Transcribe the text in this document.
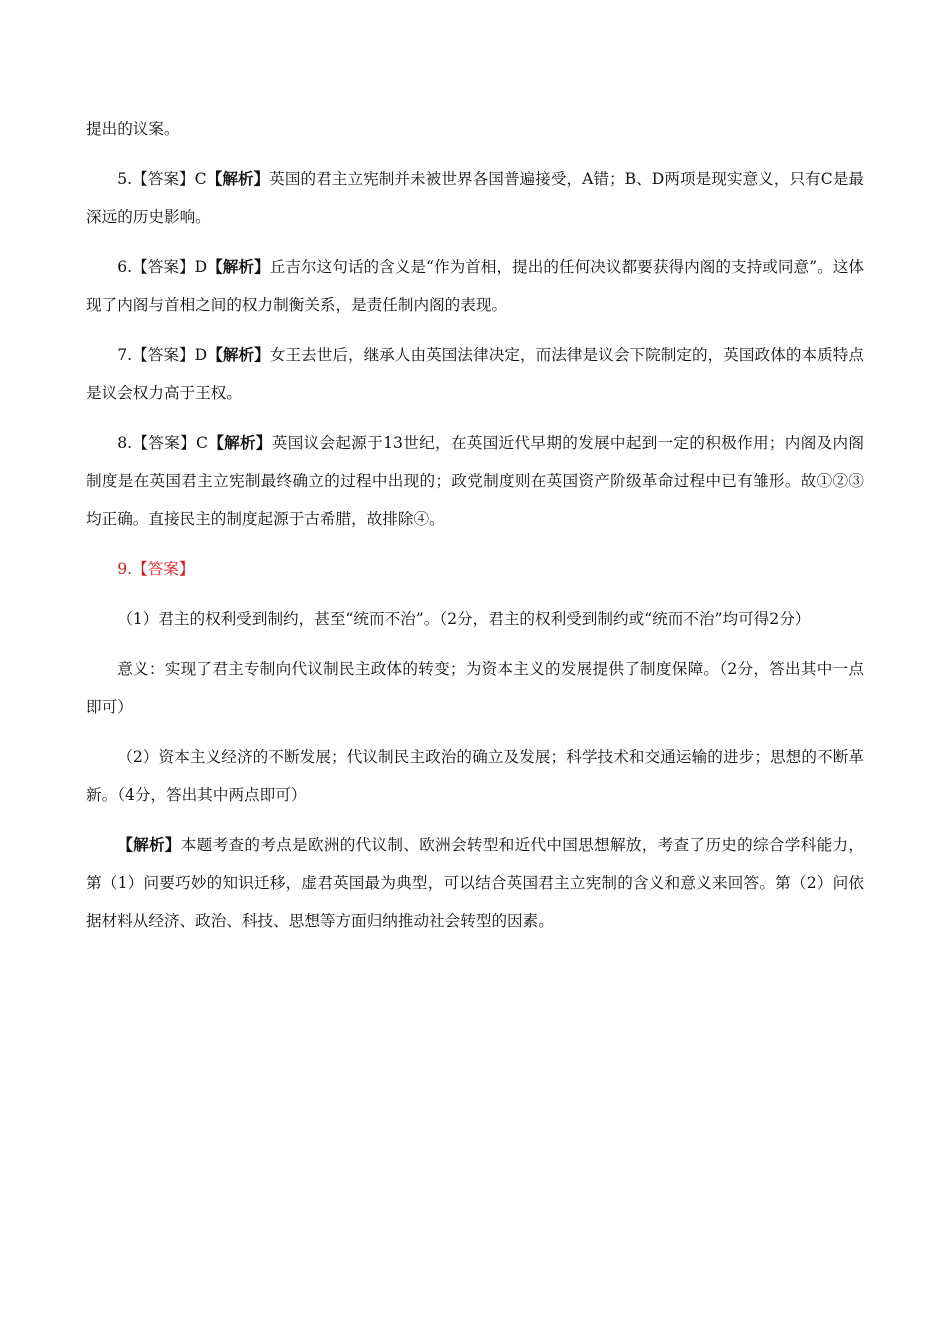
提出的议案。

5.【答案】C【解析】英国的君主立宪制并未被世界各国普遍接受，A错；B、D两项是现实意义，只有C是最深远的历史影响。

6.【答案】D【解析】丘吉尔这句话的含义是“作为首相，提出的任何决议都要获得内阁的支持或同意”。这体现了内阁与首相之间的权力制衡关系，是责任制内阁的表现。

7.【答案】D【解析】女王去世后，继承人由英国法律决定，而法律是议会下院制定的，英国政体的本质特点是议会权力高于王权。

8.【答案】C【解析】英国议会起源于13世纪，在英国近代早期的发展中起到一定的积极作用；内阁及内阁制度是在英国君主立宪制最终确立的过程中出现的；政党制度则在英国资产阶级革命过程中已有雏形。故①②③均正确。直接民主的制度起源于古希腊，故排除④。

9.【答案】

（1）君主的权利受到制约，甚至“统而不治”。（2分，君主的权利受到制约或“统而不治”均可得2分）

意义：实现了君主专制向代议制民主政体的转变；为资本主义的发展提供了制度保障。（2分，答出其中一点即可）

（2）资本主义经济的不断发展；代议制民主政治的确立及发展；科学技术和交通运输的进步；思想的不断革新。（4分，答出其中两点即可）

【解析】本题考查的考点是欧洲的代议制、欧洲会转型和近代中国思想解放，考查了历史的综合学科能力，第（1）问要巧妙的知识迁移，虚君英国最为典型，可以结合英国君主立宪制的含义和意义来回答。第（2）问依据材料从经济、政治、科技、思想等方面归纳推动社会转型的因素。
